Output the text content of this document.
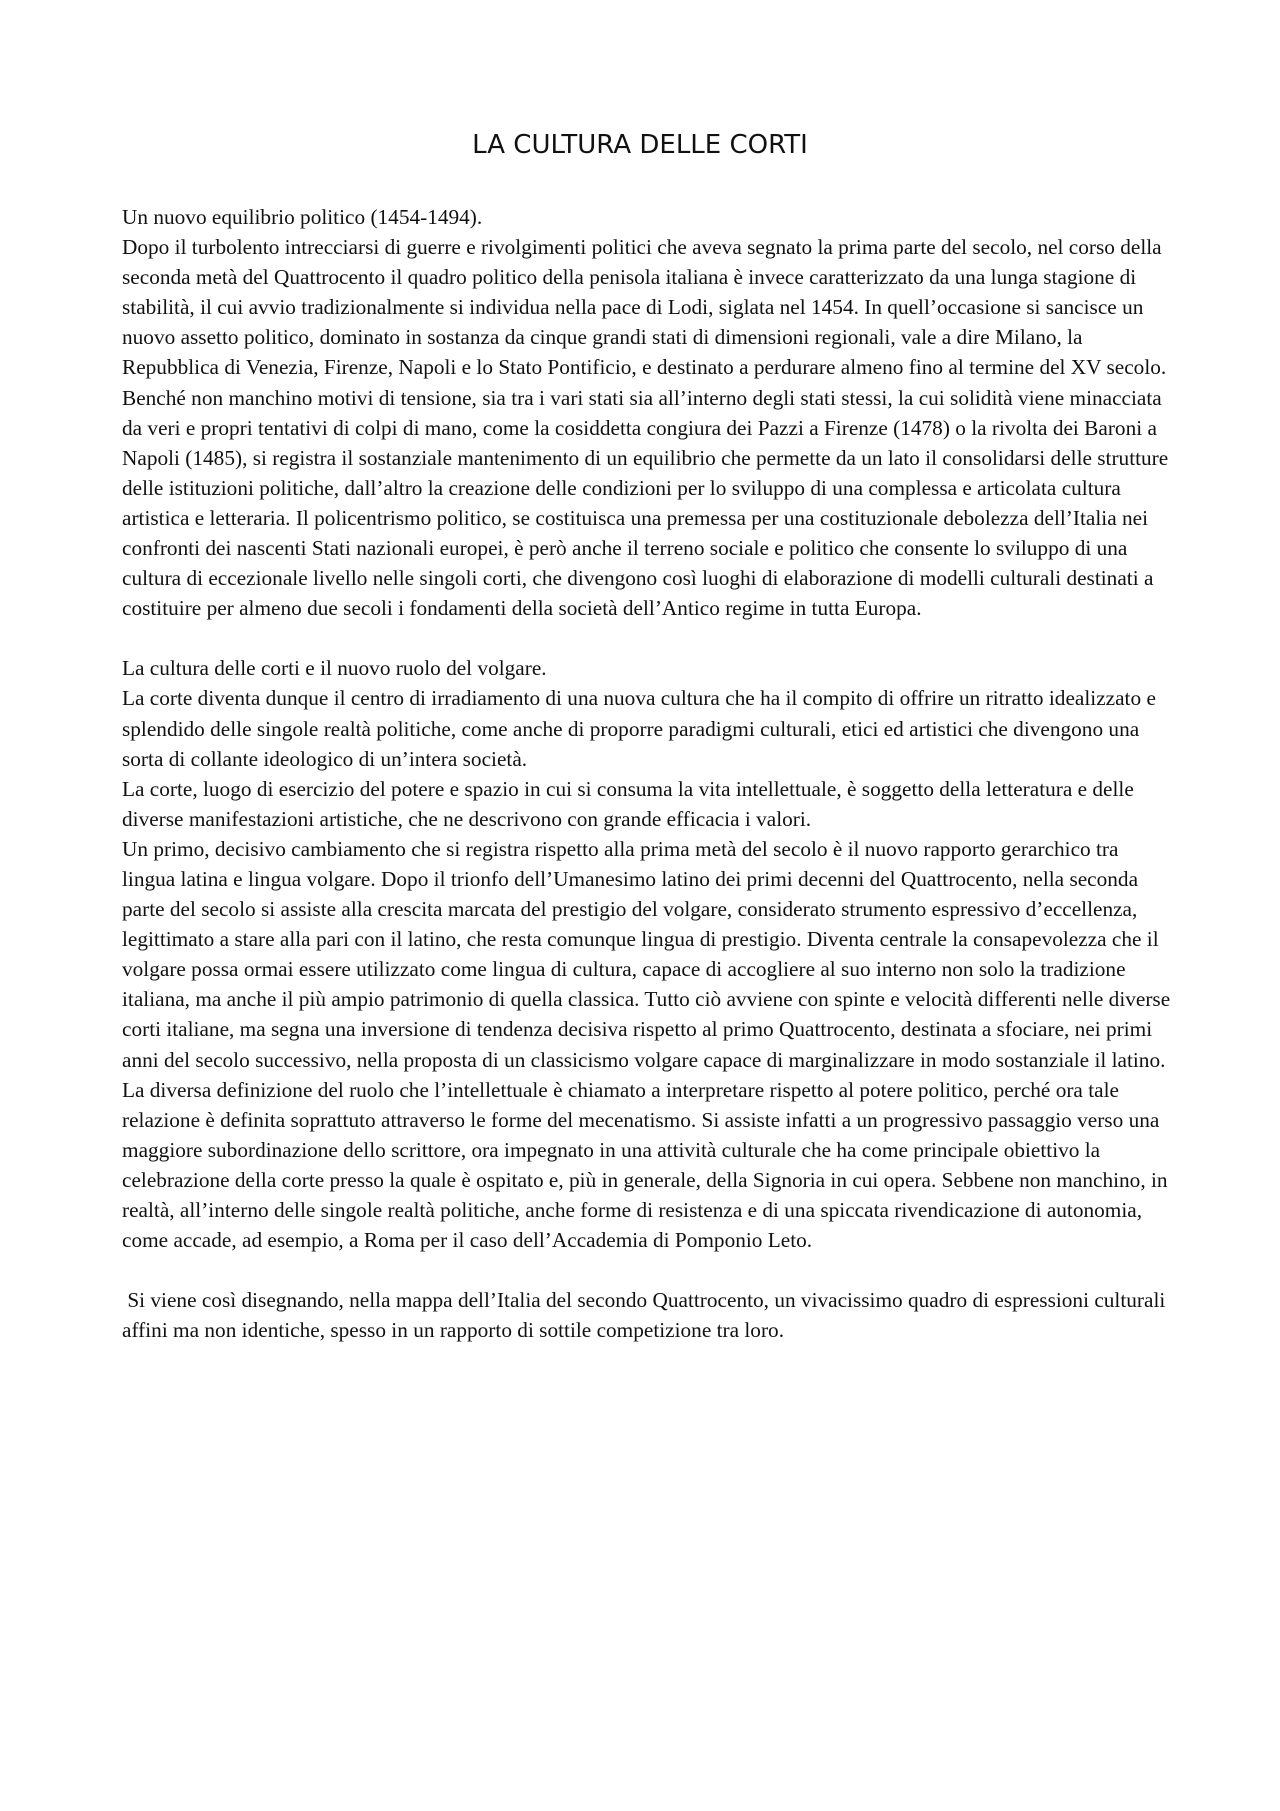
LA CULTURA DELLE CORTI

Un nuovo equilibrio politico (1454-1494).

Dopo il turbolento intrecciarsi di guerre e rivolgimenti politici che aveva segnato la prima parte del secolo, nel corso della seconda metà del Quattrocento il quadro politico della penisola italiana è invece caratterizzato da una lunga stagione di stabilità, il cui avvio tradizionalmente si individua nella pace di Lodi, siglata nel 1454. In quell’occasione si sancisce un nuovo assetto politico, dominato in sostanza da cinque grandi stati di dimensioni regionali, vale a dire Milano, la Repubblica di Venezia, Firenze, Napoli e lo Stato Pontificio, e destinato a perdurare almeno fino al termine del XV secolo. Benché non manchino motivi di tensione, sia tra i vari stati sia all’interno degli stati stessi, la cui solidità viene minacciata da veri e propri tentativi di colpi di mano, come la cosiddetta congiura dei Pazzi a Firenze (1478) o la rivolta dei Baroni a Napoli (1485), si registra il sostanziale mantenimento di un equilibrio che permette da un lato il consolidarsi delle strutture delle istituzioni politiche, dall’altro la creazione delle condizioni per lo sviluppo di una complessa e articolata cultura artistica e letteraria. Il policentrismo politico, se costituisca una premessa per una costituzionale debolezza dell’Italia nei confronti dei nascenti Stati nazionali europei, è però anche il terreno sociale e politico che consente lo sviluppo di una cultura di eccezionale livello nelle singoli corti, che divengono così luoghi di elaborazione di modelli culturali destinati a costituire per almeno due secoli i fondamenti della società dell’Antico regime in tutta Europa.

La cultura delle corti e il nuovo ruolo del volgare.

La corte diventa dunque il centro di irradiamento di una nuova cultura che ha il compito di offrire un ritratto idealizzato e splendido delle singole realtà politiche, come anche di proporre paradigmi culturali, etici ed artistici che divengono una sorta di collante ideologico di un’intera società.

La corte, luogo di esercizio del potere e spazio in cui si consuma la vita intellettuale, è soggetto della letteratura e delle diverse manifestazioni artistiche, che ne descrivono con grande efficacia i valori.

Un primo, decisivo cambiamento che si registra rispetto alla prima metà del secolo è il nuovo rapporto gerarchico tra lingua latina e lingua volgare. Dopo il trionfo dell’Umanesimo latino dei primi decenni del Quattrocento, nella seconda parte del secolo si assiste alla crescita marcata del prestigio del volgare, considerato strumento espressivo d’eccellenza, legittimato a stare alla pari con il latino, che resta comunque lingua di prestigio. Diventa centrale la consapevolezza che il volgare possa ormai essere utilizzato come lingua di cultura, capace di accogliere al suo interno non solo la tradizione italiana, ma anche il più ampio patrimonio di quella classica. Tutto ciò avviene con spinte e velocità differenti nelle diverse corti italiane, ma segna una inversione di tendenza decisiva rispetto al primo Quattrocento, destinata a sfociare, nei primi anni del secolo successivo, nella proposta di un classicismo volgare capace di marginalizzare in modo sostanziale il latino.

La diversa definizione del ruolo che l’intellettuale è chiamato a interpretare rispetto al potere politico, perché ora tale relazione è definita soprattuto attraverso le forme del mecenatismo. Si assiste infatti a un progressivo passaggio verso una maggiore subordinazione dello scrittore, ora impegnato in una attività culturale che ha come principale obiettivo la celebrazione della corte presso la quale è ospitato e, più in generale, della Signoria in cui opera. Sebbene non manchino, in realtà, all’interno delle singole realtà politiche, anche forme di resistenza e di una spiccata rivendicazione di autonomia, come accade, ad esempio, a Roma per il caso dell’Accademia di Pomponio Leto.

Si viene così disegnando, nella mappa dell’Italia del secondo Quattrocento, un vivacissimo quadro di espressioni culturali affini ma non identiche, spesso in un rapporto di sottile competizione tra loro.
